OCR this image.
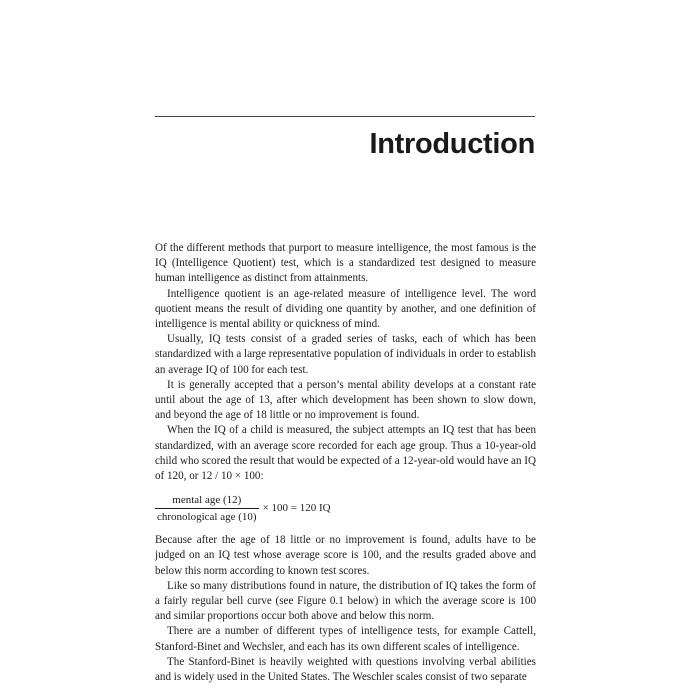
Introduction

Of the different methods that purport to measure intelligence, the most famous is the IQ (Intelligence Quotient) test, which is a standardized test designed to measure human intelligence as distinct from attainments.

Intelligence quotient is an age-related measure of intelligence level. The word quotient means the result of dividing one quantity by another, and one definition of intelligence is mental ability or quickness of mind.

Usually, IQ tests consist of a graded series of tasks, each of which has been standardized with a large representative population of individuals in order to establish an average IQ of 100 for each test.

It is generally accepted that a person’s mental ability develops at a constant rate until about the age of 13, after which development has been shown to slow down, and beyond the age of 18 little or no improvement is found.

When the IQ of a child is measured, the subject attempts an IQ test that has been standardized, with an average score recorded for each age group. Thus a 10-year-old child who scored the result that would be expected of a 12-year-old would have an IQ of 120, or 12 / 10 × 100:

$\frac{\text{mental age (12)}}{\text{chronological age (10)}} \times 100 = 120$ IQ

Because after the age of 18 little or no improvement is found, adults have to be judged on an IQ test whose average score is 100, and the results graded above and below this norm according to known test scores.

Like so many distributions found in nature, the distribution of IQ takes the form of a fairly regular bell curve (see Figure 0.1 below) in which the average score is 100 and similar proportions occur both above and below this norm.

There are a number of different types of intelligence tests, for example Cattell, Stanford-Binet and Wechsler, and each has its own different scales of intelligence.

The Stanford-Binet is heavily weighted with questions involving verbal abilities and is widely used in the United States. The Weschler scales consist of two separate
